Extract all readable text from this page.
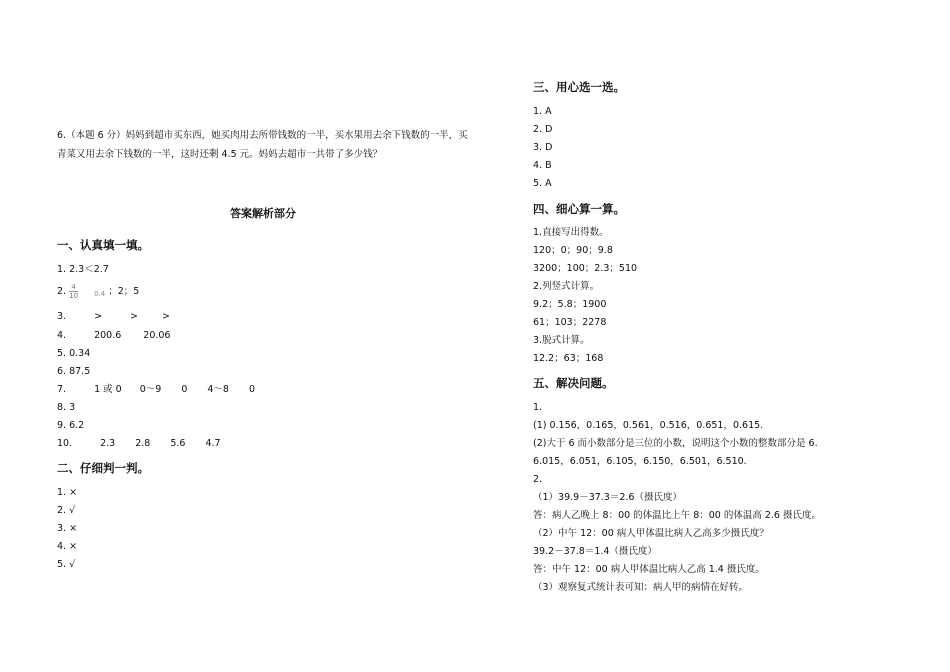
6.（本题 6 分）妈妈到超市买东西，她买肉用去所带钱数的一半，买水果用去余下钱数的一半，买
青菜又用去余下钱数的一半，这时还剩 4.5 元。妈妈去超市一共带了多少钱？
答案解析部分
一、认真填一填。
1. 2.3＜2.7
2. $\frac{4}{10} _{0.4}$ ；2；5
3.	>	>	>
4.	200.6 20.06
5. 0.34
6. 87.5
7.	1 或 0 0～9 0 4～8 0
8. 3
9. 6.2
10.	2.3 2.8 5.6 4.7
二、仔细判一判。
1. ×
2. √
3. ×
4. ×
5. √
三、用心选一选。
1. A
2. D
3. D
4. B
5. A
四、细心算一算。
1.直接写出得数。
120；0；90；9.8
3200；100；2.3；510
2.列竖式计算。
9.2；5.8；1900
61；103；2278
3.脱式计算。
12.2；63；168
五、解决问题。
1.
(1) 0.156，0.165，0.561，0.516，0.651，0.615.
(2)大于 6 而小数部分是三位的小数，说明这个小数的整数部分是 6.
6.015，6.051，6.105，6.150，6.501，6.510.
2.
（1）39.9－37.3＝2.6（摄氏度）
答：病人乙晚上 8：00 的体温比上午 8：00 的体温高 2.6 摄氏度。
（2）中午 12：00 病人甲体温比病人乙高多少摄氏度？
39.2－37.8＝1.4（摄氏度）
答：中午 12：00 病人甲体温比病人乙高 1.4 摄氏度。
（3）观察复式统计表可知：病人甲的病情在好转。
